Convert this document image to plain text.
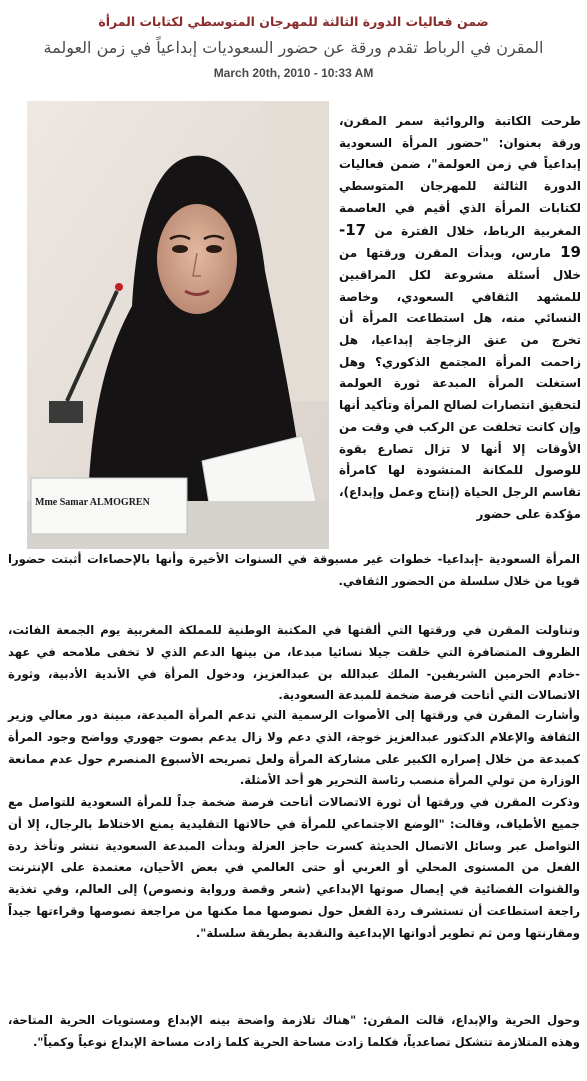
ضمن فعاليات الدورة الثالثة للمهرجان المتوسطي لكتابات المرأة
المقرن في الرباط تقدم ورقة عن حضور السعوديات إبداعياً في زمن العولمة
March 20th, 2010 - 10:33 AM
Mme Samar ALMOGREN
طرحت الكاتبة والروائية سمر المقرن، ورقة بعنوان: "حضور المرأة السعودية إبداعياً في زمن العولمة"، ضمن فعاليات الدورة الثالثة للمهرجان المتوسطي لكتابات المرأة الذي أقيم في العاصمة المغربية الرباط، خلال الفترة من 17- 19 مارس، وبدأت المقرن ورقتها من خلال أسئلة مشروعة لكل المراقبين للمشهد الثقافي السعودي، وخاصة النسائي منه، هل استطاعت المرأة أن تخرج من عنق الزجاجة إبداعيا، هل زاحمت المرأة المجتمع الذكوري؟ وهل استغلت المرأة المبدعة ثورة العولمة لتحقيق انتصارات لصالح المرأة وتأكيد أنها وإن كانت تخلفت عن الركب في وقت من الأوقات إلا أنها لا تزال تصارع بقوة للوصول للمكانة المنشودة لها كامرأة تقاسم الرجل الحياة (إنتاج وعمل وإبداع)، مؤكدة على حضور
المرأة السعودية -إبداعيا- خطوات غير مسبوقة في السنوات الأخيرة وأنها بالإحصاءات أثبتت حضورا قويا من خلال سلسلة من الحضور الثقافي.
وتناولت المقرن في ورقتها التي ألقتها في المكتبة الوطنية للمملكة المغربية يوم الجمعة الفائت، الظروف المتضافرة التي خلقت جيلا نسائيا مبدعا، من بينها الدعم الذي لا تخفى ملامحه في عهد -خادم الحرمين الشريفين- الملك عبدالله بن عبدالعزيز، ودخول المرأة في الأندية الأدبية، وثورة الاتصالات التي أتاحت فرصة ضخمة للمبدعة السعودية.
وأشارت المقرن في ورقتها إلى الأصوات الرسمية التي تدعم المرأة المبدعة، مبينة دور معالي وزير الثقافة والإعلام الدكتور عبدالعزيز خوجة، الذي دعم ولا زال يدعم بصوت جهوري وواضح وجود المرأة كمبدعة من خلال إصراره الكبير على مشاركة المرأة ولعل تصريحه الأسبوع المنصرم حول عدم ممانعة الوزارة من تولي المرأة منصب رئاسة التحرير هو أحد الأمثلة.
وذكرت المقرن في ورقتها أن ثورة الاتصالات أتاحت فرصة ضخمة جداً للمرأة السعودية للتواصل مع جميع الأطياف، وقالت: "الوضع الاجتماعي للمرأة في حالاتها التقليدية يمنع الاختلاط بالرجال، إلا أن التواصل عبر وسائل الاتصال الحديثة كسرت حاجز العزلة وبدأت المبدعة السعودية تنشر وتأخذ ردة الفعل من المستوى المحلي أو العربي أو حتى العالمي في بعض الأحيان، معتمدة على الإنترنت والقنوات الفضائية في إيصال صوتها الإبداعي (شعر وقصة ورواية ونصوص) إلى العالم، وفي تغذية راجعة استطاعت أن تستشرف ردة الفعل حول نصوصها مما مكنها من مراجعة نصوصها وقراءتها جيداً ومقارنتها ومن ثم تطوير أدواتها الإبداعية والنقدية بطريقة سلسلة".
وحول الحرية والإبداع، قالت المقرن: "هناك تلازمة واضحة بينه الإبداع ومستويات الحرية المتاحة، وهذه المتلازمة تتشكل تصاعدياً، فكلما زادت مساحة الحرية كلما زادت مساحة الإبداع نوعياً وكمياً".
